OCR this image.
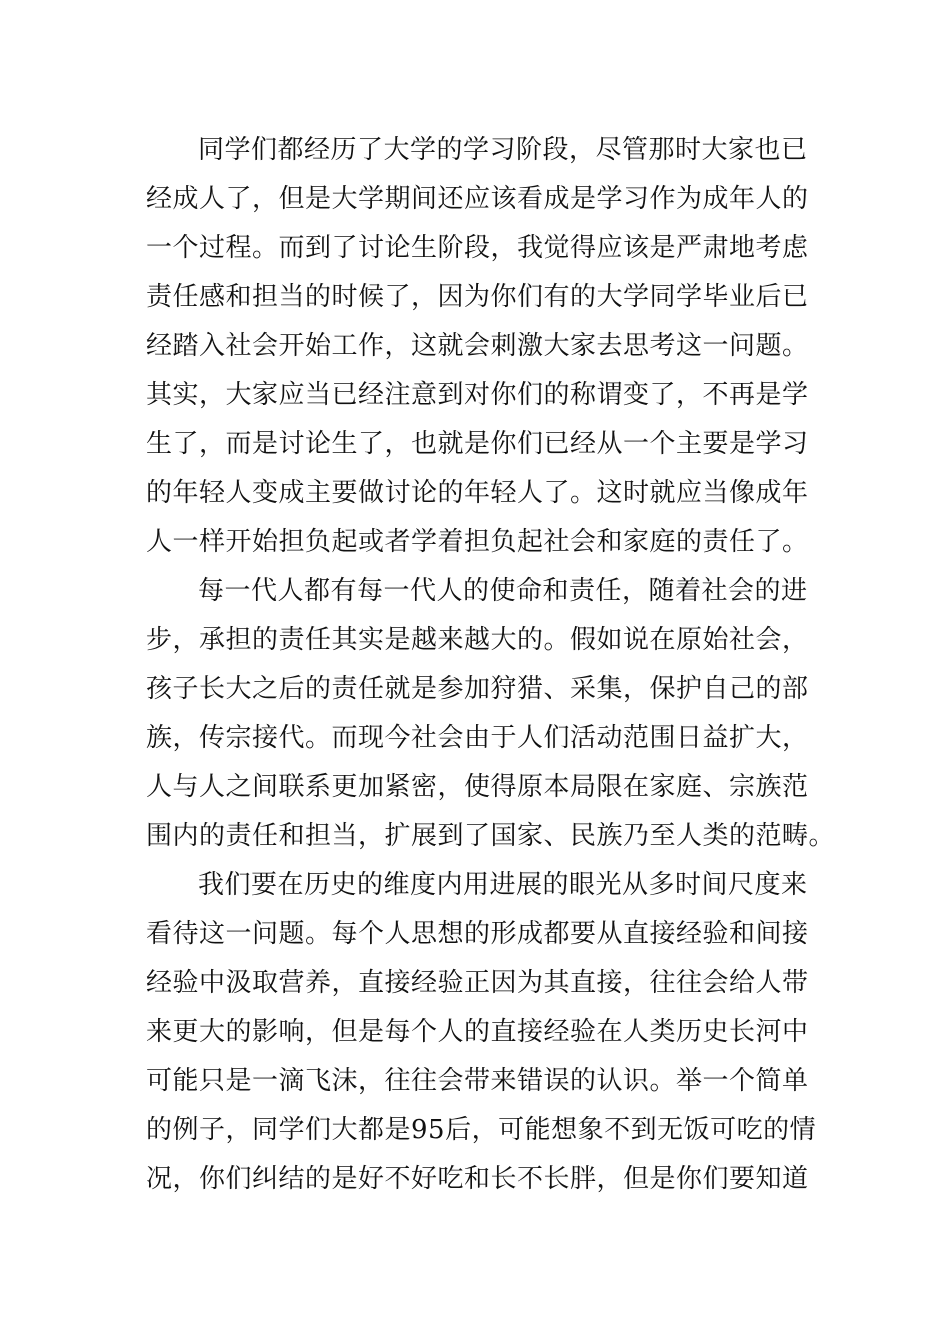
同学们都经历了大学的学习阶段，尽管那时大家也已
经成人了，但是大学期间还应该看成是学习作为成年人的
一个过程。而到了讨论生阶段，我觉得应该是严肃地考虑
责任感和担当的时候了，因为你们有的大学同学毕业后已
经踏入社会开始工作，这就会刺激大家去思考这一问题。
其实，大家应当已经注意到对你们的称谓变了，不再是学
生了，而是讨论生了，也就是你们已经从一个主要是学习
的年轻人变成主要做讨论的年轻人了。这时就应当像成年
人一样开始担负起或者学着担负起社会和家庭的责任了。
每一代人都有每一代人的使命和责任，随着社会的进
步，承担的责任其实是越来越大的。假如说在原始社会，
孩子长大之后的责任就是参加狩猎、采集，保护自己的部
族，传宗接代。而现今社会由于人们活动范围日益扩大，
人与人之间联系更加紧密，使得原本局限在家庭、宗族范
围内的责任和担当，扩展到了国家、民族乃至人类的范畴。
我们要在历史的维度内用进展的眼光从多时间尺度来
看待这一问题。每个人思想的形成都要从直接经验和间接
经验中汲取营养，直接经验正因为其直接，往往会给人带
来更大的影响，但是每个人的直接经验在人类历史长河中
可能只是一滴飞沫，往往会带来错误的认识。举一个简单
的例子，同学们大都是95后，可能想象不到无饭可吃的情
况，你们纠结的是好不好吃和长不长胖，但是你们要知道
